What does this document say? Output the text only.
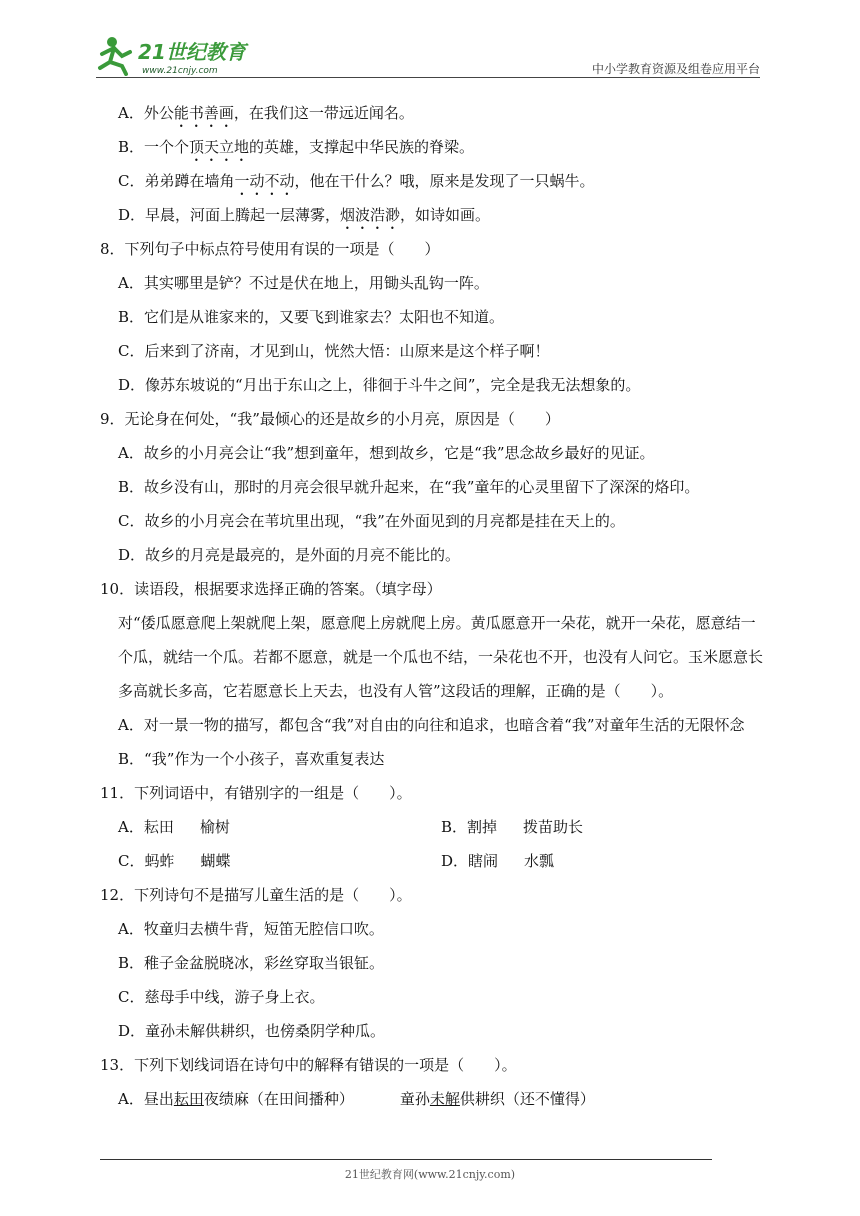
21世纪教育
www.21cnjy.com	中小学教育资源及组卷应用平台
A．外公能书善画，在我们这一带远近闻名。
B．一个个顶天立地的英雄，支撑起中华民族的脊梁。
C．弟弟蹲在墙角一动不动，他在干什么？哦，原来是发现了一只蜗牛。
D．早晨，河面上腾起一层薄雾，烟波浩渺，如诗如画。
8．下列句子中标点符号使用有误的一项是（　　）
A．其实哪里是铲？不过是伏在地上，用锄头乱钩一阵。
B．它们是从谁家来的，又要飞到谁家去？太阳也不知道。
C．后来到了济南，才见到山，恍然大悟：山原来是这个样子啊！
D．像苏东坡说的“月出于东山之上，徘徊于斗牛之间”，完全是我无法想象的。
9．无论身在何处，“我”最倾心的还是故乡的小月亮，原因是（　　）
A．故乡的小月亮会让“我”想到童年，想到故乡，它是“我”思念故乡最好的见证。
B．故乡没有山，那时的月亮会很早就升起来，在“我”童年的心灵里留下了深深的烙印。
C．故乡的小月亮会在苇坑里出现，“我”在外面见到的月亮都是挂在天上的。
D．故乡的月亮是最亮的，是外面的月亮不能比的。
10．读语段，根据要求选择正确的答案。（填字母）
对“倭瓜愿意爬上架就爬上架，愿意爬上房就爬上房。黄瓜愿意开一朵花，就开一朵花，愿意结一个瓜，就结一个瓜。若都不愿意，就是一个瓜也不结，一朵花也不开，也没有人问它。玉米愿意长多高就长多高，它若愿意长上天去，也没有人管”这段话的理解，正确的是（　　）。
A．对一景一物的描写，都包含“我”对自由的向往和追求，也暗含着“我”对童年生活的无限怀念
B．“我”作为一个小孩子，喜欢重复表达
11．下列词语中，有错别字的一组是（　　）。
A．耘田 榆树	B．割掉 拨苗助长
C．蚂蚱 蝴蝶	D．瞎闹 水瓢
12．下列诗句不是描写儿童生活的是（　　）。
A．牧童归去横牛背，短笛无腔信口吹。
B．稚子金盆脱晓冰，彩丝穿取当银钲。
C．慈母手中线，游子身上衣。
D．童孙未解供耕织，也傍桑阴学种瓜。
13．下列下划线词语在诗句中的解释有错误的一项是（　　）。
A．昼出耘田夜绩麻（在田间播种）	童孙未解供耕织（还不懂得）
21世纪教育网(www.21cnjy.com)
